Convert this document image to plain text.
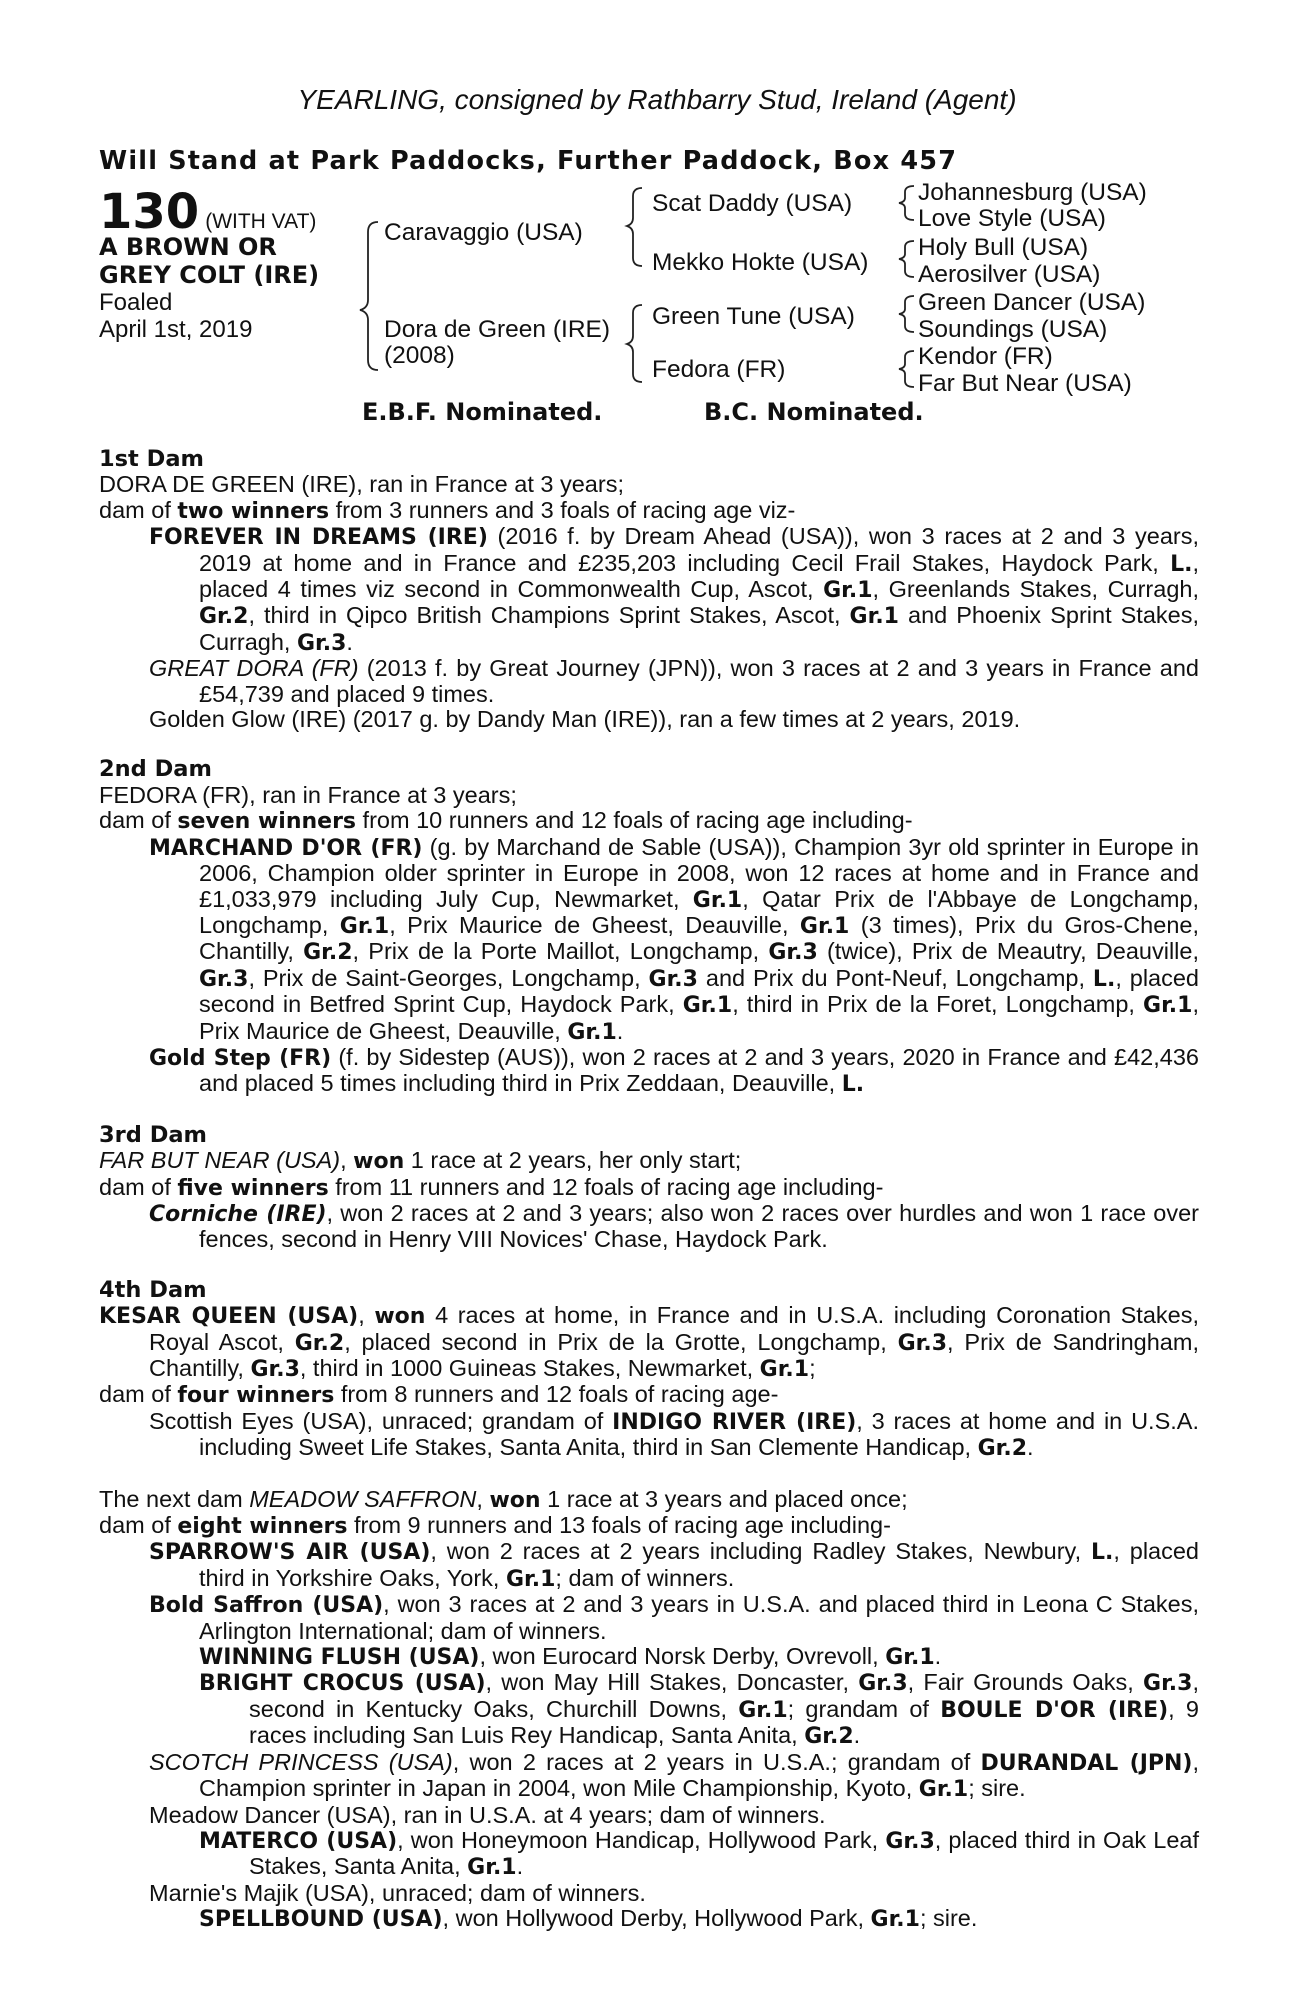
YEARLING, consigned by Rathbarry Stud, Ireland (Agent)
Will Stand at Park Paddocks, Further Paddock, Box 457
130 (WITH VAT)
A BROWN OR
GREY COLT (IRE)
Foaled
April 1st, 2019
Caravaggio (USA)
Dora de Green (IRE)
(2008)
Scat Daddy (USA)
Mekko Hokte (USA)
Green Tune (USA)
Fedora (FR)
Johannesburg (USA)
Love Style (USA)
Holy Bull (USA)
Aerosilver (USA)
Green Dancer (USA)
Soundings (USA)
Kendor (FR)
Far But Near (USA)
E.B.F. Nominated.	B.C. Nominated.
1st Dam

DORA DE GREEN (IRE), ran in France at 3 years;

dam of two winners from 3 runners and 3 foals of racing age viz-

FOREVER IN DREAMS (IRE) (2016 f. by Dream Ahead (USA)), won 3 races at 2 and 3 years, 2019 at home and in France and £235,203 including Cecil Frail Stakes, Haydock Park, L., placed 4 times viz second in Commonwealth Cup, Ascot, Gr.1, Greenlands Stakes, Curragh, Gr.2, third in Qipco British Champions Sprint Stakes, Ascot, Gr.1 and Phoenix Sprint Stakes, Curragh, Gr.3.

GREAT DORA (FR) (2013 f. by Great Journey (JPN)), won 3 races at 2 and 3 years in France and £54,739 and placed 9 times.

Golden Glow (IRE) (2017 g. by Dandy Man (IRE)), ran a few times at 2 years, 2019.

2nd Dam

FEDORA (FR), ran in France at 3 years;

dam of seven winners from 10 runners and 12 foals of racing age including-

MARCHAND D'OR (FR) (g. by Marchand de Sable (USA)), Champion 3yr old sprinter in Europe in 2006, Champion older sprinter in Europe in 2008, won 12 races at home and in France and £1,033,979 including July Cup, Newmarket, Gr.1, Qatar Prix de l'Abbaye de Longchamp, Longchamp, Gr.1, Prix Maurice de Gheest, Deauville, Gr.1 (3 times), Prix du Gros-Chene, Chantilly, Gr.2, Prix de la Porte Maillot, Longchamp, Gr.3 (twice), Prix de Meautry, Deauville, Gr.3, Prix de Saint-Georges, Longchamp, Gr.3 and Prix du Pont-Neuf, Longchamp, L., placed second in Betfred Sprint Cup, Haydock Park, Gr.1, third in Prix de la Foret, Longchamp, Gr.1, Prix Maurice de Gheest, Deauville, Gr.1.

Gold Step (FR) (f. by Sidestep (AUS)), won 2 races at 2 and 3 years, 2020 in France and £42,436 and placed 5 times including third in Prix Zeddaan, Deauville, L.

3rd Dam

FAR BUT NEAR (USA), won 1 race at 2 years, her only start;

dam of five winners from 11 runners and 12 foals of racing age including-

Corniche (IRE), won 2 races at 2 and 3 years; also won 2 races over hurdles and won 1 race over fences, second in Henry VIII Novices' Chase, Haydock Park.

4th Dam

KESAR QUEEN (USA), won 4 races at home, in France and in U.S.A. including Coronation Stakes, Royal Ascot, Gr.2, placed second in Prix de la Grotte, Longchamp, Gr.3, Prix de Sandringham, Chantilly, Gr.3, third in 1000 Guineas Stakes, Newmarket, Gr.1;

dam of four winners from 8 runners and 12 foals of racing age-

Scottish Eyes (USA), unraced; grandam of INDIGO RIVER (IRE), 3 races at home and in U.S.A. including Sweet Life Stakes, Santa Anita, third in San Clemente Handicap, Gr.2.

The next dam MEADOW SAFFRON, won 1 race at 3 years and placed once;

dam of eight winners from 9 runners and 13 foals of racing age including-

SPARROW'S AIR (USA), won 2 races at 2 years including Radley Stakes, Newbury, L., placed third in Yorkshire Oaks, York, Gr.1; dam of winners.

Bold Saffron (USA), won 3 races at 2 and 3 years in U.S.A. and placed third in Leona C Stakes, Arlington International; dam of winners.

WINNING FLUSH (USA), won Eurocard Norsk Derby, Ovrevoll, Gr.1.

BRIGHT CROCUS (USA), won May Hill Stakes, Doncaster, Gr.3, Fair Grounds Oaks, Gr.3, second in Kentucky Oaks, Churchill Downs, Gr.1; grandam of BOULE D'OR (IRE), 9 races including San Luis Rey Handicap, Santa Anita, Gr.2.

SCOTCH PRINCESS (USA), won 2 races at 2 years in U.S.A.; grandam of DURANDAL (JPN), Champion sprinter in Japan in 2004, won Mile Championship, Kyoto, Gr.1; sire.

Meadow Dancer (USA), ran in U.S.A. at 4 years; dam of winners.

MATERCO (USA), won Honeymoon Handicap, Hollywood Park, Gr.3, placed third in Oak Leaf Stakes, Santa Anita, Gr.1.

Marnie's Majik (USA), unraced; dam of winners.

SPELLBOUND (USA), won Hollywood Derby, Hollywood Park, Gr.1; sire.
